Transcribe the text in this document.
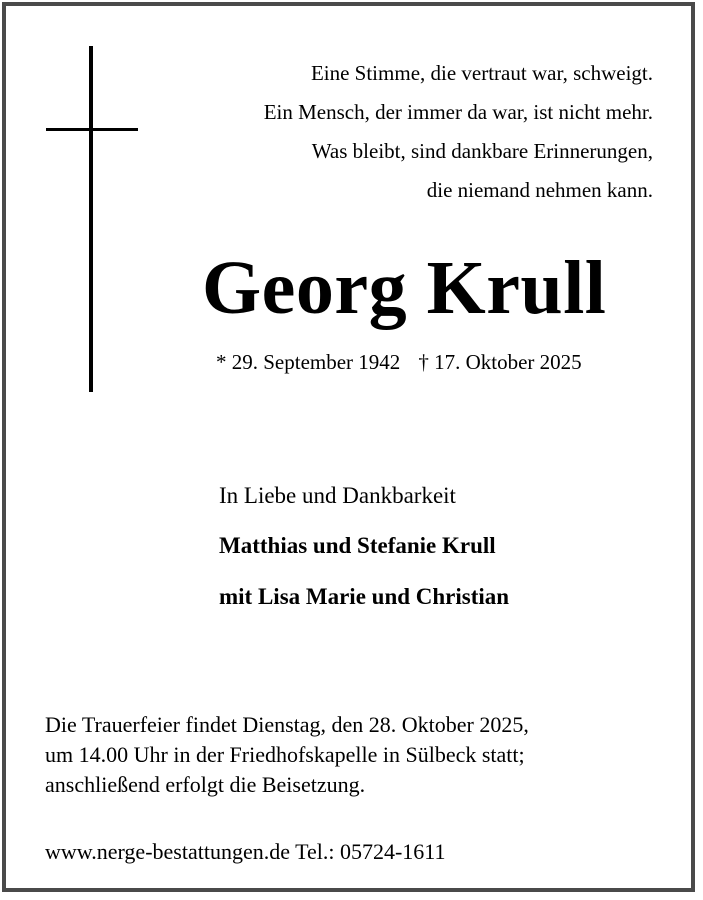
Eine Stimme, die vertraut war, schweigt.
Ein Mensch, der immer da war, ist nicht mehr.
Was bleibt, sind dankbare Erinnerungen,
die niemand nehmen kann.
Georg Krull
* 29. September 1942 † 17. Oktober 2025
In Liebe und Dankbarkeit
Matthias und Stefanie Krull
mit Lisa Marie und Christian
Die Trauerfeier findet Dienstag, den 28. Oktober 2025,
um 14.00 Uhr in der Friedhofskapelle in Sülbeck statt;
anschließend erfolgt die Beisetzung.
www.nerge-bestattungen.de Tel.: 05724-1611
